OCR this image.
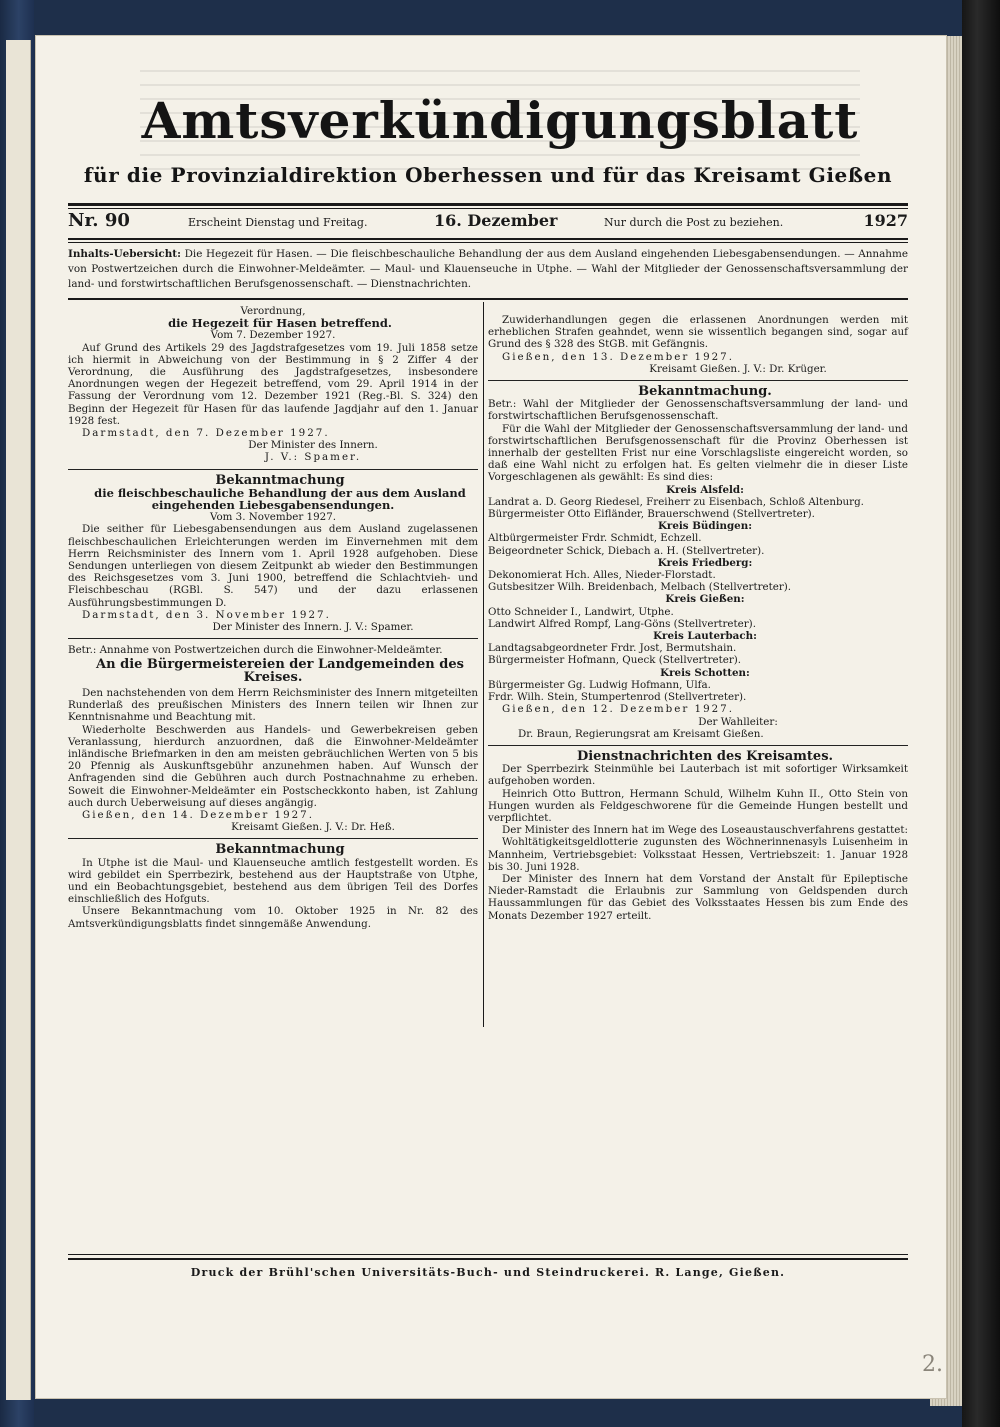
Amtsverkündigungsblatt
für die Provinzialdirektion Oberhessen und für das Kreisamt Gießen
Nr. 90	Erscheint Dienstag und Freitag.	16. Dezember	Nur durch die Post zu beziehen.	1927
Inhalts-Uebersicht: Die Hegezeit für Hasen. — Die fleischbeschauliche Behandlung der aus dem Ausland eingehenden Liebesgabensendungen. — Annahme von Postwertzeichen durch die Einwohner-Meldeämter. — Maul- und Klauenseuche in Utphe. — Wahl der Mitglieder der Genossenschaftsversammlung der land- und forstwirtschaftlichen Berufsgenossenschaft. — Dienstnachrichten.

Verordnung,

die Hegezeit für Hasen betreffend.

Vom 7. Dezember 1927.

Auf Grund des Artikels 29 des Jagdstrafgesetzes vom 19. Juli 1858 setze ich hiermit in Abweichung von der Bestimmung in § 2 Ziffer 4 der Verordnung, die Ausführung des Jagdstrafgesetzes, insbesondere Anordnungen wegen der Hegezeit betreffend, vom 29. April 1914 in der Fassung der Verordnung vom 12. Dezember 1921 (Reg.-Bl. S. 324) den Beginn der Hegezeit für Hasen für das laufende Jagdjahr auf den 1. Januar 1928 fest.

Darmstadt, den 7. Dezember 1927.

Der Minister des Innern.

J. V.: Spamer.

Bekanntmachung

die fleischbeschauliche Behandlung der aus dem Ausland eingehenden Liebesgabensendungen.

Vom 3. November 1927.

Die seither für Liebesgabensendungen aus dem Ausland zugelassenen fleischbeschaulichen Erleichterungen werden im Einvernehmen mit dem Herrn Reichsminister des Innern vom 1. April 1928 aufgehoben. Diese Sendungen unterliegen von diesem Zeitpunkt ab wieder den Bestimmungen des Reichsgesetzes vom 3. Juni 1900, betreffend die Schlachtvieh- und Fleischbeschau (RGBl. S. 547) und der dazu erlassenen Ausführungsbestimmungen D.

Darmstadt, den 3. November 1927.

Der Minister des Innern. J. V.: Spamer.

Betr.: Annahme von Postwertzeichen durch die Einwohner-Meldeämter.

An die Bürgermeistereien der Landgemeinden des Kreises.

Den nachstehenden von dem Herrn Reichsminister des Innern mitgeteilten Runderlaß des preußischen Ministers des Innern teilen wir Ihnen zur Kenntnisnahme und Beachtung mit.

Wiederholte Beschwerden aus Handels- und Gewerbekreisen geben Veranlassung, hierdurch anzuordnen, daß die Einwohner-Meldeämter inländische Briefmarken in den am meisten gebräuchlichen Werten von 5 bis 20 Pfennig als Auskunftsgebühr anzunehmen haben. Auf Wunsch der Anfragenden sind die Gebühren auch durch Postnachnahme zu erheben. Soweit die Einwohner-Meldeämter ein Postscheckkonto haben, ist Zahlung auch durch Ueberweisung auf dieses angängig.

Gießen, den 14. Dezember 1927.

Kreisamt Gießen. J. V.: Dr. Heß.

Bekanntmachung

In Utphe ist die Maul- und Klauenseuche amtlich festgestellt worden. Es wird gebildet ein Sperrbezirk, bestehend aus der Hauptstraße von Utphe, und ein Beobachtungsgebiet, bestehend aus dem übrigen Teil des Dorfes einschließlich des Hofguts.

Unsere Bekanntmachung vom 10. Oktober 1925 in Nr. 82 des Amtsverkündigungsblatts findet sinngemäße Anwendung.

Zuwiderhandlungen gegen die erlassenen Anordnungen werden mit erheblichen Strafen geahndet, wenn sie wissentlich begangen sind, sogar auf Grund des § 328 des StGB. mit Gefängnis.

Gießen, den 13. Dezember 1927.

Kreisamt Gießen. J. V.: Dr. Krüger.

Bekanntmachung.

Betr.: Wahl der Mitglieder der Genossenschaftsversammlung der land- und forstwirtschaftlichen Berufsgenossenschaft.

Für die Wahl der Mitglieder der Genossenschaftsversammlung der land- und forstwirtschaftlichen Berufsgenossenschaft für die Provinz Oberhessen ist innerhalb der gestellten Frist nur eine Vorschlagsliste eingereicht worden, so daß eine Wahl nicht zu erfolgen hat. Es gelten vielmehr die in dieser Liste Vorgeschlagenen als gewählt: Es sind dies:

Kreis Alsfeld:

Landrat a. D. Georg Riedesel, Freiherr zu Eisenbach, Schloß Altenburg.

Bürgermeister Otto Eifländer, Brauerschwend (Stellvertreter).

Kreis Büdingen:

Altbürgermeister Frdr. Schmidt, Echzell.

Beigeordneter Schick, Diebach a. H. (Stellvertreter).

Kreis Friedberg:

Dekonomierat Hch. Alles, Nieder-Florstadt.

Gutsbesitzer Wilh. Breidenbach, Melbach (Stellvertreter).

Kreis Gießen:

Otto Schneider I., Landwirt, Utphe.

Landwirt Alfred Rompf, Lang-Göns (Stellvertreter).

Kreis Lauterbach:

Landtagsabgeordneter Frdr. Jost, Bermutshain.

Bürgermeister Hofmann, Queck (Stellvertreter).

Kreis Schotten:

Bürgermeister Gg. Ludwig Hofmann, Ulfa.

Frdr. Wilh. Stein, Stumpertenrod (Stellvertreter).

Gießen, den 12. Dezember 1927.

Der Wahlleiter:

Dr. Braun, Regierungsrat am Kreisamt Gießen.

Dienstnachrichten des Kreisamtes.

Der Sperrbezirk Steinmühle bei Lauterbach ist mit sofortiger Wirksamkeit aufgehoben worden.

Heinrich Otto Buttron, Hermann Schuld, Wilhelm Kuhn II., Otto Stein von Hungen wurden als Feldgeschworene für die Gemeinde Hungen bestellt und verpflichtet.

Der Minister des Innern hat im Wege des Loseaustauschverfahrens gestattet:

Wohltätigkeitsgeldlotterie zugunsten des Wöchnerinnenasyls Luisenheim in Mannheim, Vertriebsgebiet: Volksstaat Hessen, Vertriebszeit: 1. Januar 1928 bis 30. Juni 1928.

Der Minister des Innern hat dem Vorstand der Anstalt für Epileptische Nieder-Ramstadt die Erlaubnis zur Sammlung von Geldspenden durch Haussammlungen für das Gebiet des Volksstaates Hessen bis zum Ende des Monats Dezember 1927 erteilt.

Druck der Brühl'schen Universitäts-Buch- und Steindruckerei. R. Lange, Gießen.
2.
